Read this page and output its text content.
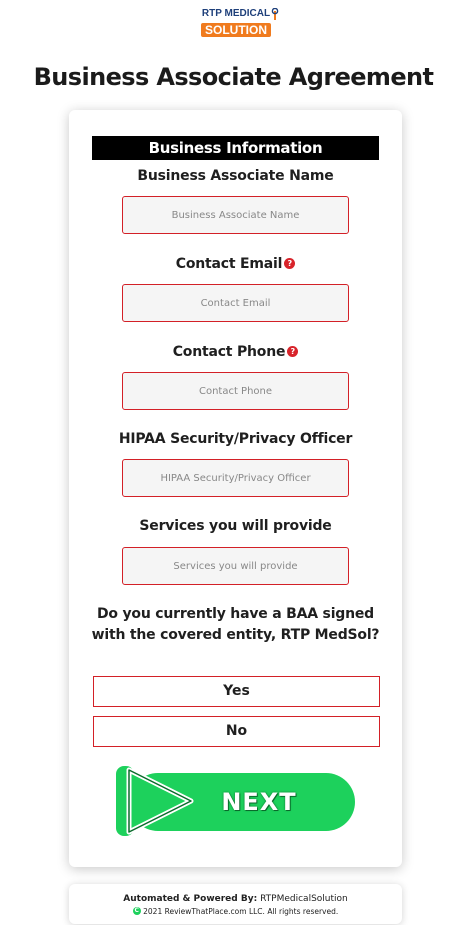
RTP MEDICAL
SOLUTION
Business Associate Agreement
Business Information
Business Associate Name
Business Associate Name
Contact Email ?
Contact Email
Contact Phone ?
Contact Phone
HIPAA Security/Privacy Officer
HIPAA Security/Privacy Officer
Services you will provide
Services you will provide
Do you currently have a BAA signed with the covered entity, RTP MedSol?
Yes
No
NEXT
Automated & Powered By: RTPMedicalSolution
C 2021 ReviewThatPlace.com LLC. All rights reserved.
